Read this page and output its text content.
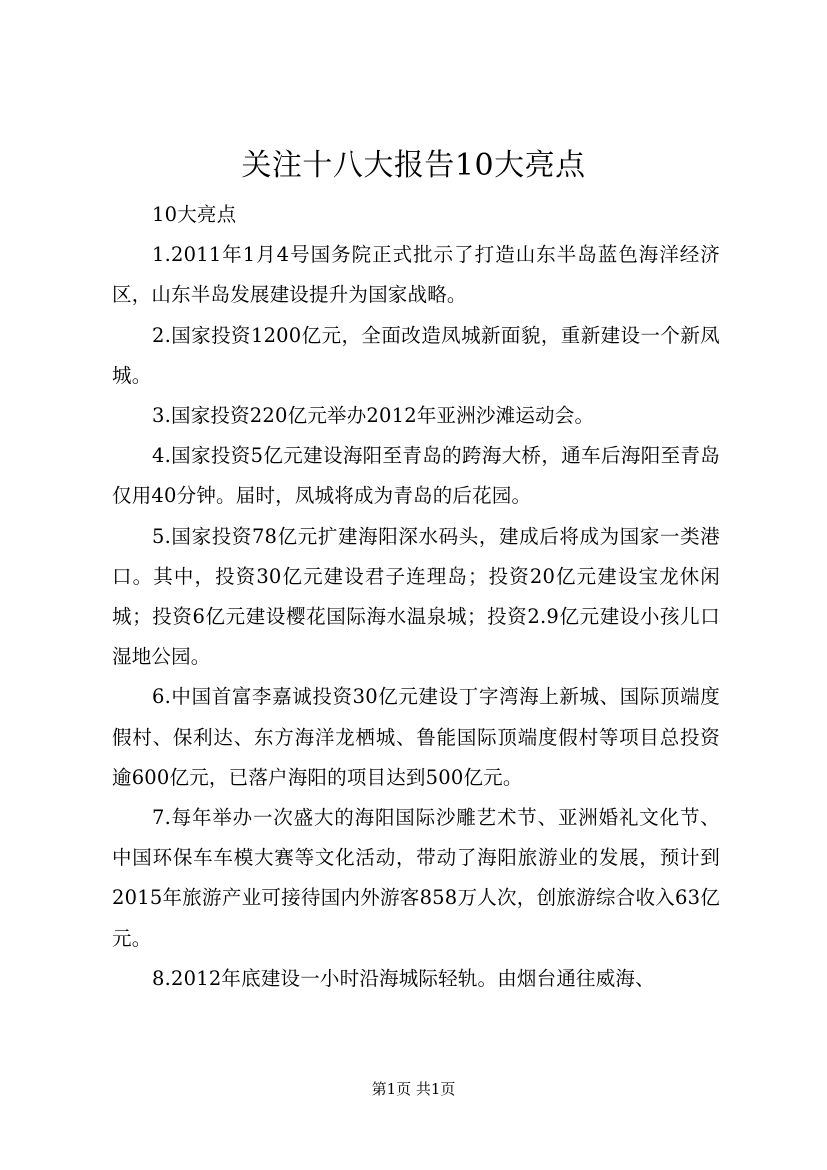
关注十八大报告10大亮点

10大亮点

1.2011年1月4号国务院正式批示了打造山东半岛蓝色海洋经济区，山东半岛发展建设提升为国家战略。

2.国家投资1200亿元，全面改造凤城新面貌，重新建设一个新凤城。

3.国家投资220亿元举办2012年亚洲沙滩运动会。

4.国家投资5亿元建设海阳至青岛的跨海大桥，通车后海阳至青岛仅用40分钟。届时，凤城将成为青岛的后花园。

5.国家投资78亿元扩建海阳深水码头，建成后将成为国家一类港口。其中，投资30亿元建设君子连理岛；投资20亿元建设宝龙休闲城；投资6亿元建设樱花国际海水温泉城；投资2.9亿元建设小孩儿口湿地公园。

6.中国首富李嘉诚投资30亿元建设丁字湾海上新城、国际顶端度假村、保利达、东方海洋龙栖城、鲁能国际顶端度假村等项目总投资逾600亿元，已落户海阳的项目达到500亿元。

7.每年举办一次盛大的海阳国际沙雕艺术节、亚洲婚礼文化节、中国环保车车模大赛等文化活动，带动了海阳旅游业的发展，预计到2015年旅游产业可接待国内外游客858万人次，创旅游综合收入63亿元。

8.2012年底建设一小时沿海城际轻轨。由烟台通往威海、

第1页 共1页
